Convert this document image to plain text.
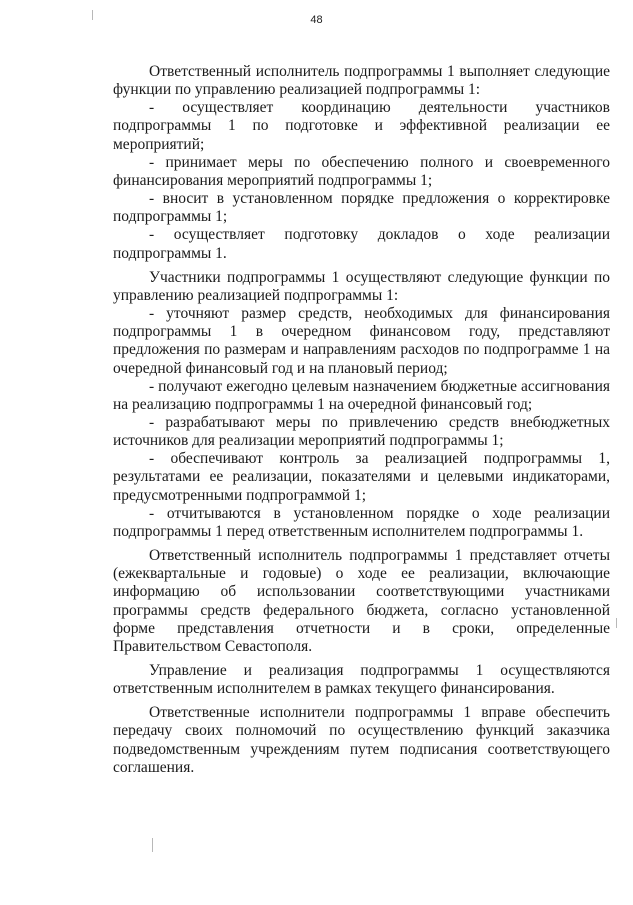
48

Ответственный исполнитель подпрограммы 1 выполняет следующие функции по управлению реализацией подпрограммы 1:

- осуществляет координацию деятельности участников подпрограммы 1 по подготовке и эффективной реализации ее мероприятий;

- принимает меры по обеспечению полного и своевременного финансирования мероприятий подпрограммы 1;

- вносит в установленном порядке предложения о корректировке подпрограммы 1;

- осуществляет подготовку докладов о ходе реализации подпрограммы 1.

Участники подпрограммы 1 осуществляют следующие функции по управлению реализацией подпрограммы 1:

- уточняют размер средств, необходимых для финансирования подпрограммы 1 в очередном финансовом году, представляют предложения по размерам и направлениям расходов по подпрограмме 1 на очередной финансовый год и на плановый период;

- получают ежегодно целевым назначением бюджетные ассигнования на реализацию подпрограммы 1 на очередной финансовый год;

- разрабатывают меры по привлечению средств внебюджетных источников для реализации мероприятий подпрограммы 1;

- обеспечивают контроль за реализацией подпрограммы 1, результатами ее реализации, показателями и целевыми индикаторами, предусмотренными подпрограммой 1;

- отчитываются в установленном порядке о ходе реализации подпрограммы 1 перед ответственным исполнителем подпрограммы 1.

Ответственный исполнитель подпрограммы 1 представляет отчеты (ежеквартальные и годовые) о ходе ее реализации, включающие информацию об использовании соответствующими участниками программы средств федерального бюджета, согласно установленной форме представления отчетности и в сроки, определенные Правительством Севастополя.

Управление и реализация подпрограммы 1 осуществляются ответственным исполнителем в рамках текущего финансирования.

Ответственные исполнители подпрограммы 1 вправе обеспечить передачу своих полномочий по осуществлению функций заказчика подведомственным учреждениям путем подписания соответствующего соглашения.
